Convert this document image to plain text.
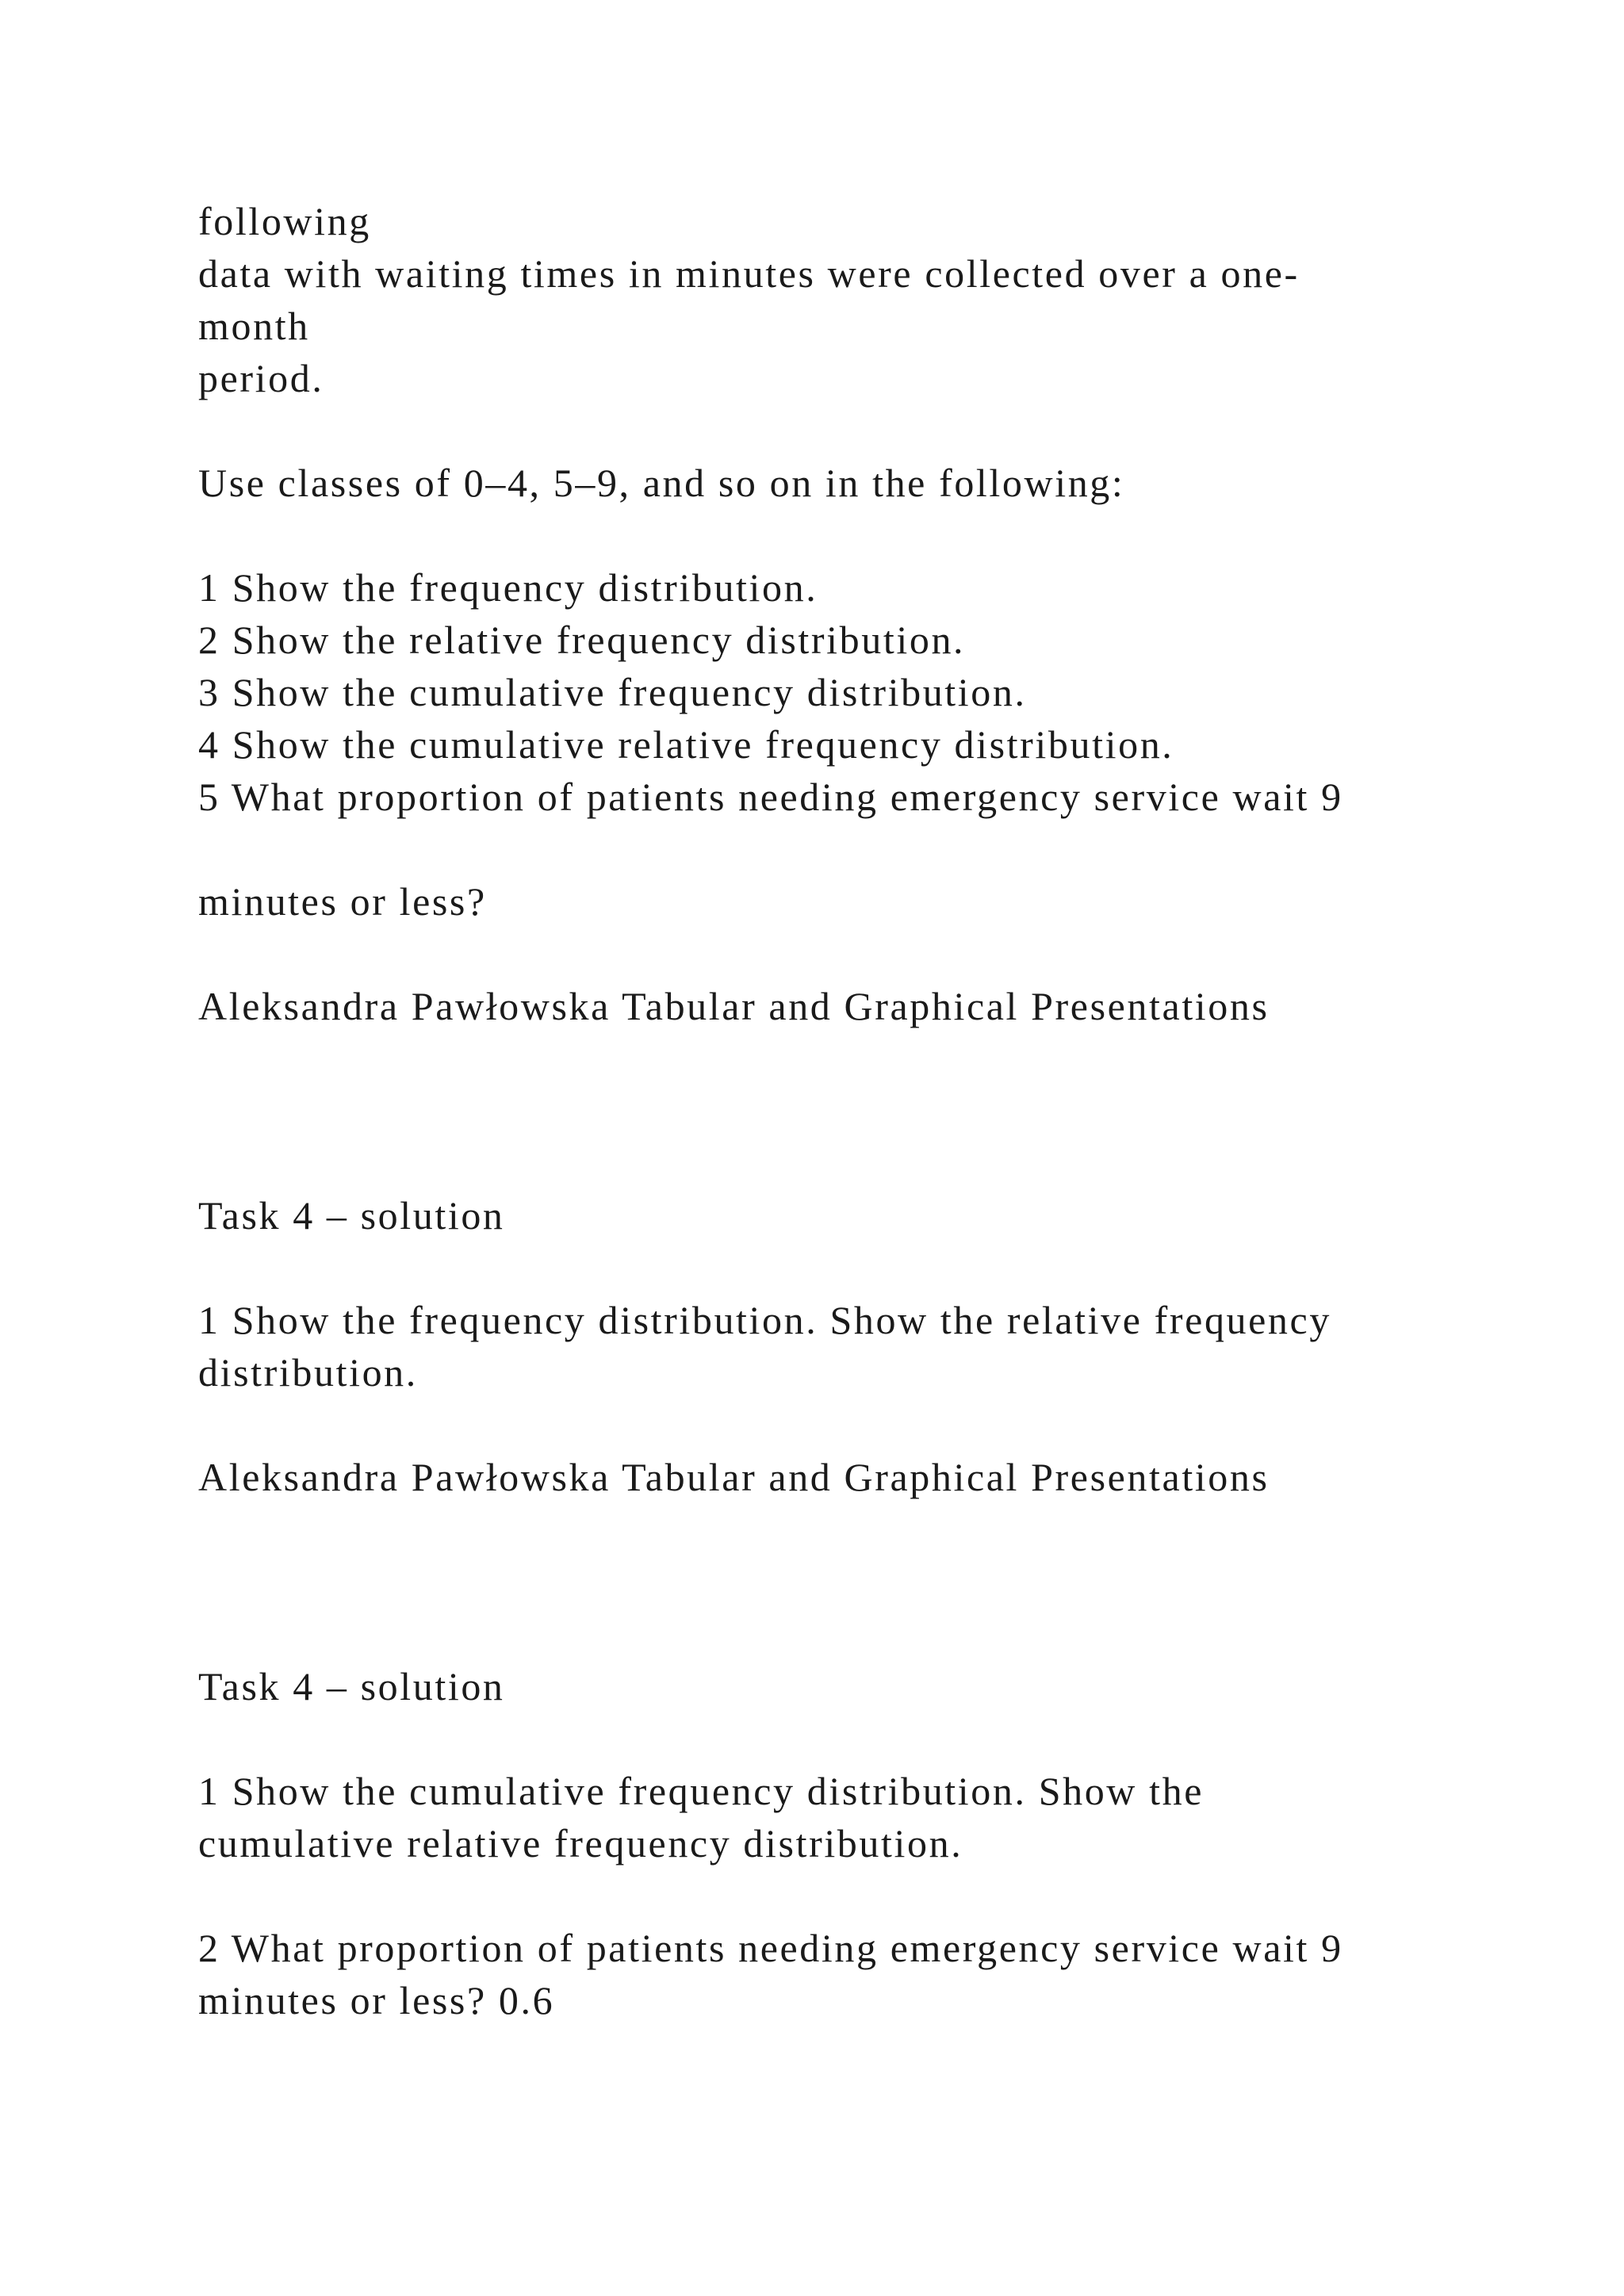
following

data with waiting times in minutes were collected over a one-

month

period.

Use classes of 0–4, 5–9, and so on in the following:

1 Show the frequency distribution.

2 Show the relative frequency distribution.

3 Show the cumulative frequency distribution.

4 Show the cumulative relative frequency distribution.

5 What proportion of patients needing emergency service wait 9

minutes or less?

Aleksandra Pawłowska Tabular and Graphical Presentations

Task 4 – solution

1 Show the frequency distribution. Show the relative frequency

distribution.

Aleksandra Pawłowska Tabular and Graphical Presentations

Task 4 – solution

1 Show the cumulative frequency distribution. Show the

cumulative relative frequency distribution.

2 What proportion of patients needing emergency service wait 9

minutes or less? 0.6
